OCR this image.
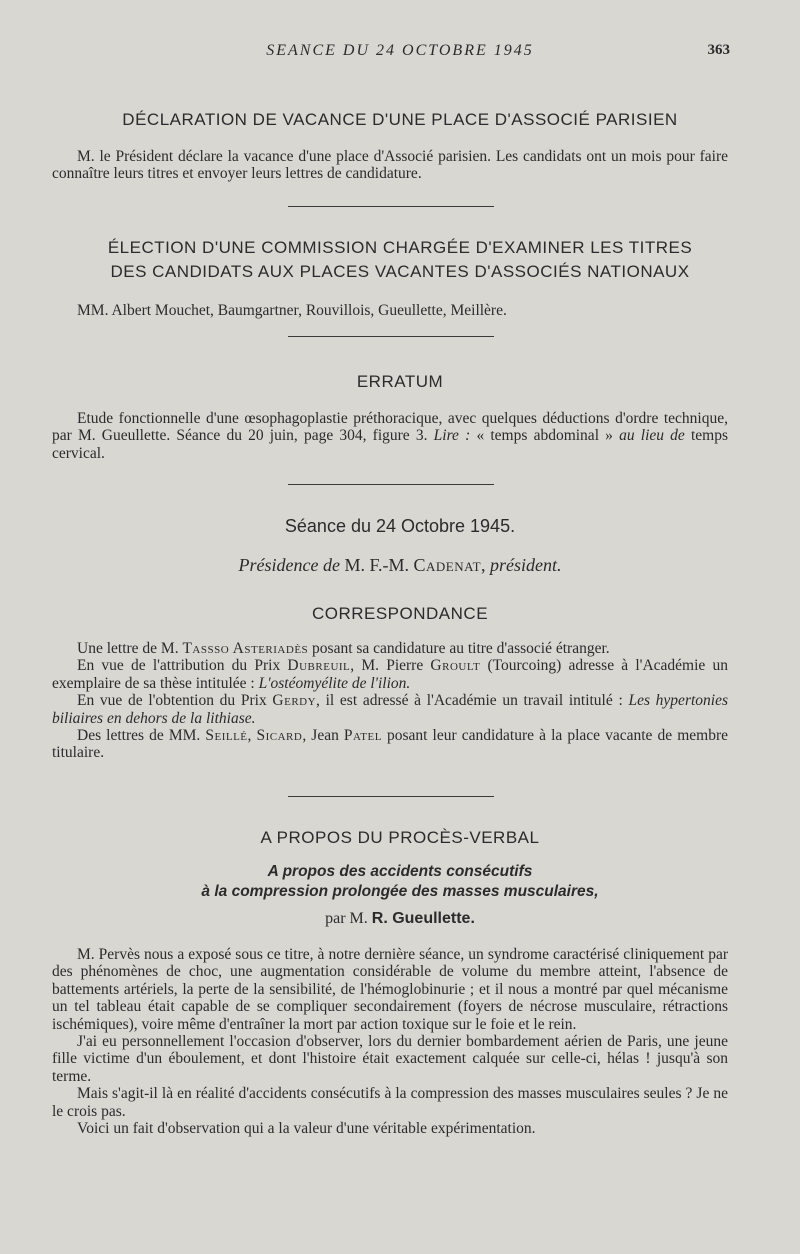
SEANCE DU 24 OCTOBRE 1945	363
DÉCLARATION DE VACANCE D'UNE PLACE D'ASSOCIÉ PARISIEN

M. le Président déclare la vacance d'une place d'Associé parisien. Les candidats ont un mois pour faire connaître leurs titres et envoyer leurs lettres de candidature.

ÉLECTION D'UNE COMMISSION CHARGÉE D'EXAMINER LES TITRES
DES CANDIDATS AUX PLACES VACANTES D'ASSOCIÉS NATIONAUX

MM. Albert Mouchet, Baumgartner, Rouvillois, Gueullette, Meillère.

ERRATUM

Etude fonctionnelle d'une œsophagoplastie préthoracique, avec quelques déductions d'ordre technique, par M. Gueullette. Séance du 20 juin, page 304, figure 3. Lire : « temps abdominal » au lieu de temps cervical.

Séance du 24 Octobre 1945.
Présidence de M. F.-M. Cadenat, président.
CORRESPONDANCE

Une lettre de M. Tassso Asteriadès posant sa candidature au titre d'associé étranger.

En vue de l'attribution du Prix Dubreuil, M. Pierre Groult (Tourcoing) adresse à l'Académie un exemplaire de sa thèse intitulée : L'ostéomyélite de l'ilion.

En vue de l'obtention du Prix Gerdy, il est adressé à l'Académie un travail intitulé : Les hypertonies biliaires en dehors de la lithiase.

Des lettres de MM. Seillé, Sicard, Jean Patel posant leur candidature à la place vacante de membre titulaire.

A PROPOS DU PROCÈS-VERBAL
A propos des accidents consécutifs
à la compression prolongée des masses musculaires,
par M. R. Gueullette.

M. Pervès nous a exposé sous ce titre, à notre dernière séance, un syndrome caractérisé cliniquement par des phénomènes de choc, une augmentation considérable de volume du membre atteint, l'absence de battements artériels, la perte de la sensibilité, de l'hémoglobinurie ; et il nous a montré par quel mécanisme un tel tableau était capable de se compliquer secondairement (foyers de nécrose musculaire, rétractions ischémiques), voire même d'entraîner la mort par action toxique sur le foie et le rein.

J'ai eu personnellement l'occasion d'observer, lors du dernier bombardement aérien de Paris, une jeune fille victime d'un éboulement, et dont l'histoire était exactement calquée sur celle-ci, hélas ! jusqu'à son terme.

Mais s'agit-il là en réalité d'accidents consécutifs à la compression des masses musculaires seules ? Je ne le crois pas.

Voici un fait d'observation qui a la valeur d'une véritable expérimentation.
